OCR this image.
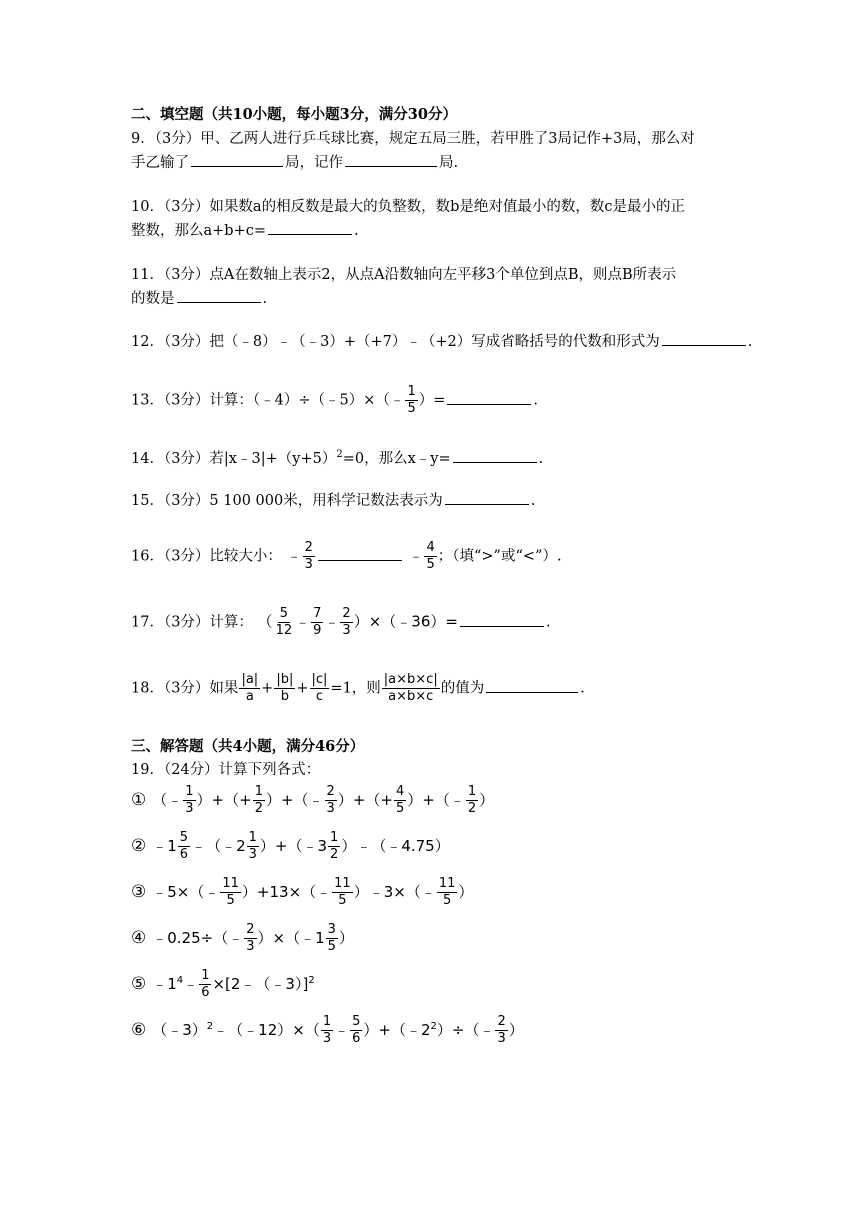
二、填空题（共10小题，每小题3分，满分30分）
9．（3分）甲、乙两人进行乒乓球比赛，规定五局三胜，若甲胜了3局记作+3局，那么对
手乙输了	局，记作	局.
10．（3分）如果数a的相反数是最大的负整数，数b是绝对值最小的数，数c是最小的正
整数，那么a+b+c=	.
11．（3分）点A在数轴上表示2，从点A沿数轴向左平移3个单位到点B，则点B所表示
的数是	.
12．（3分）把（﹣8）﹣（﹣3）+（+7）﹣（+2）写成省略括号的代数和形式为	.
13．（3分）计算：（﹣4）÷（﹣5）×（﹣ $\frac{1}{5}$ ）=	.
14．（3分）若$|x﹣3|+(y+5)^2=0$，那么x﹣y=	.
15．（3分）5 100 000米，用科学记数法表示为	.
16．（3分）比较大小： ﹣ $\frac{2}{3}$	﹣ $\frac{4}{5}$ ；（填“>”或“<”）.
17．（3分）计算： （ $\frac{5}{12}$ ﹣ $\frac{7}{9}$ ﹣ $\frac{2}{3}$ ）×（﹣36）=	.
18．（3分）如果 $\frac{|a|}{a} + \frac{|b|}{b} + \frac{|c|}{c} =1$，则 $\frac{|a\times b\times c|}{a\times b\times c}$ 的值为	.
三、解答题（共4小题，满分46分）
19．（24分）计算下列各式：
① （﹣ $\frac{1}{3}$ ）+（+ $\frac{1}{2}$ ）+（﹣ $\frac{2}{3}$ ）+（+ $\frac{4}{5}$ ）+（﹣ $\frac{1}{2}$ ）
② ﹣1 $\frac{5}{6}$ ﹣（﹣2 $\frac{1}{3}$ ）+（﹣3 $\frac{1}{2}$ ）﹣（﹣4.75）
③ ﹣5×（﹣ $\frac{11}{5}$ ）+13×（﹣ $\frac{11}{5}$ ）﹣3×（﹣ $\frac{11}{5}$ ）
④ ﹣0.25÷（﹣ $\frac{2}{3}$ ）×（﹣1 $\frac{3}{5}$ ）
⑤ $﹣1^4﹣ \frac{1}{6}$ ×[2﹣（﹣3）]$^2$
⑥ （﹣3）$^2$﹣（﹣12）×（ $\frac{1}{3}$ ﹣ $\frac{5}{6}$ ）$+(﹣2^2)\div(﹣ \frac{2}{3}$ ）
